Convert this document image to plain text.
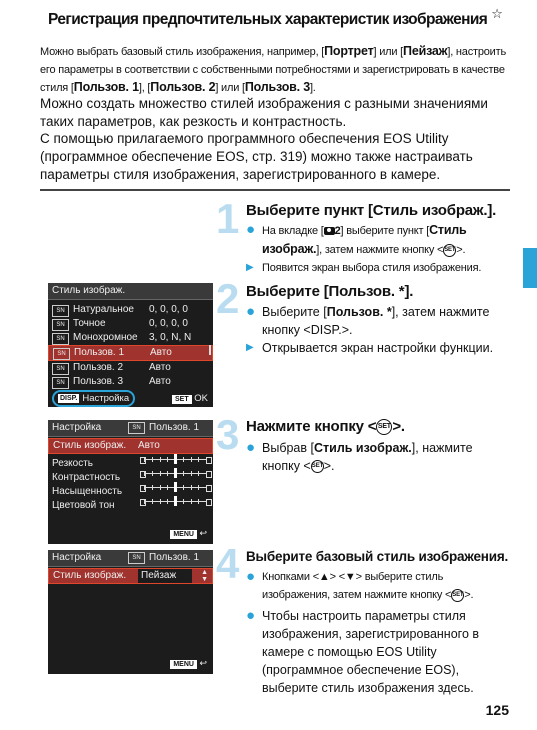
Регистрация предпочтительных характеристик изображения ☆
Можно выбрать базовый стиль изображения, например, [Портрет] или [Пейзаж], настроить его параметры в соответствии с собственными потребностями и зарегистрировать в качестве стиля [Пользов. 1], [Пользов. 2] или [Пользов. 3].
Можно создать множество стилей изображения с разными значениями таких параметров, как резкость и контрастность.
С помощью прилагаемого программного обеспечения EOS Utility (программное обеспечение EOS, стр. 319) можно также настраивать параметры стиля изображения, зарегистрированного в камере.
1 Выберите пункт [Стиль изображ.].
● На вкладке [ 2] выберите пункт [Стиль изображ.], затем нажмите кнопку <SET>.
▶ Появится экран выбора стиля изображения.
Стиль изображ.
SN Натуральное	0, 0, 0, 0
SN Точное	0, 0, 0, 0
SN Монохромное	3, 0, N, N
SN Пользов. 1	Авто
SN Пользов. 2	Авто
SN Пользов. 3	Авто
DISP. Настройка	SET OK
2 Выберите [Пользов. *].
● Выберите [Пользов. *], затем нажмите кнопку <DISP.>.
▶ Открывается экран настройки функции.
Настройка	SN Пользов. 1
Стиль изображ.	Авто
Резкость
Контрастность
Насыщенность
Цветовой тон
MENU ↩
3 Нажмите кнопку <SET >.
● Выбрав [Стиль изображ.], нажмите кнопку <SET>.
Настройка	SN Пользов. 1
Стиль изображ.	Пейзаж	▲
▼
MENU ↩
4 Выберите базовый стиль изображения.
● Кнопками <▲> <▼> выберите стиль изображения, затем нажмите кнопку <SET>.
● Чтобы настроить параметры стиля изображения, зарегистрированного в камере с помощью EOS Utility (программное обеспечение EOS), выберите стиль изображения здесь.
125
